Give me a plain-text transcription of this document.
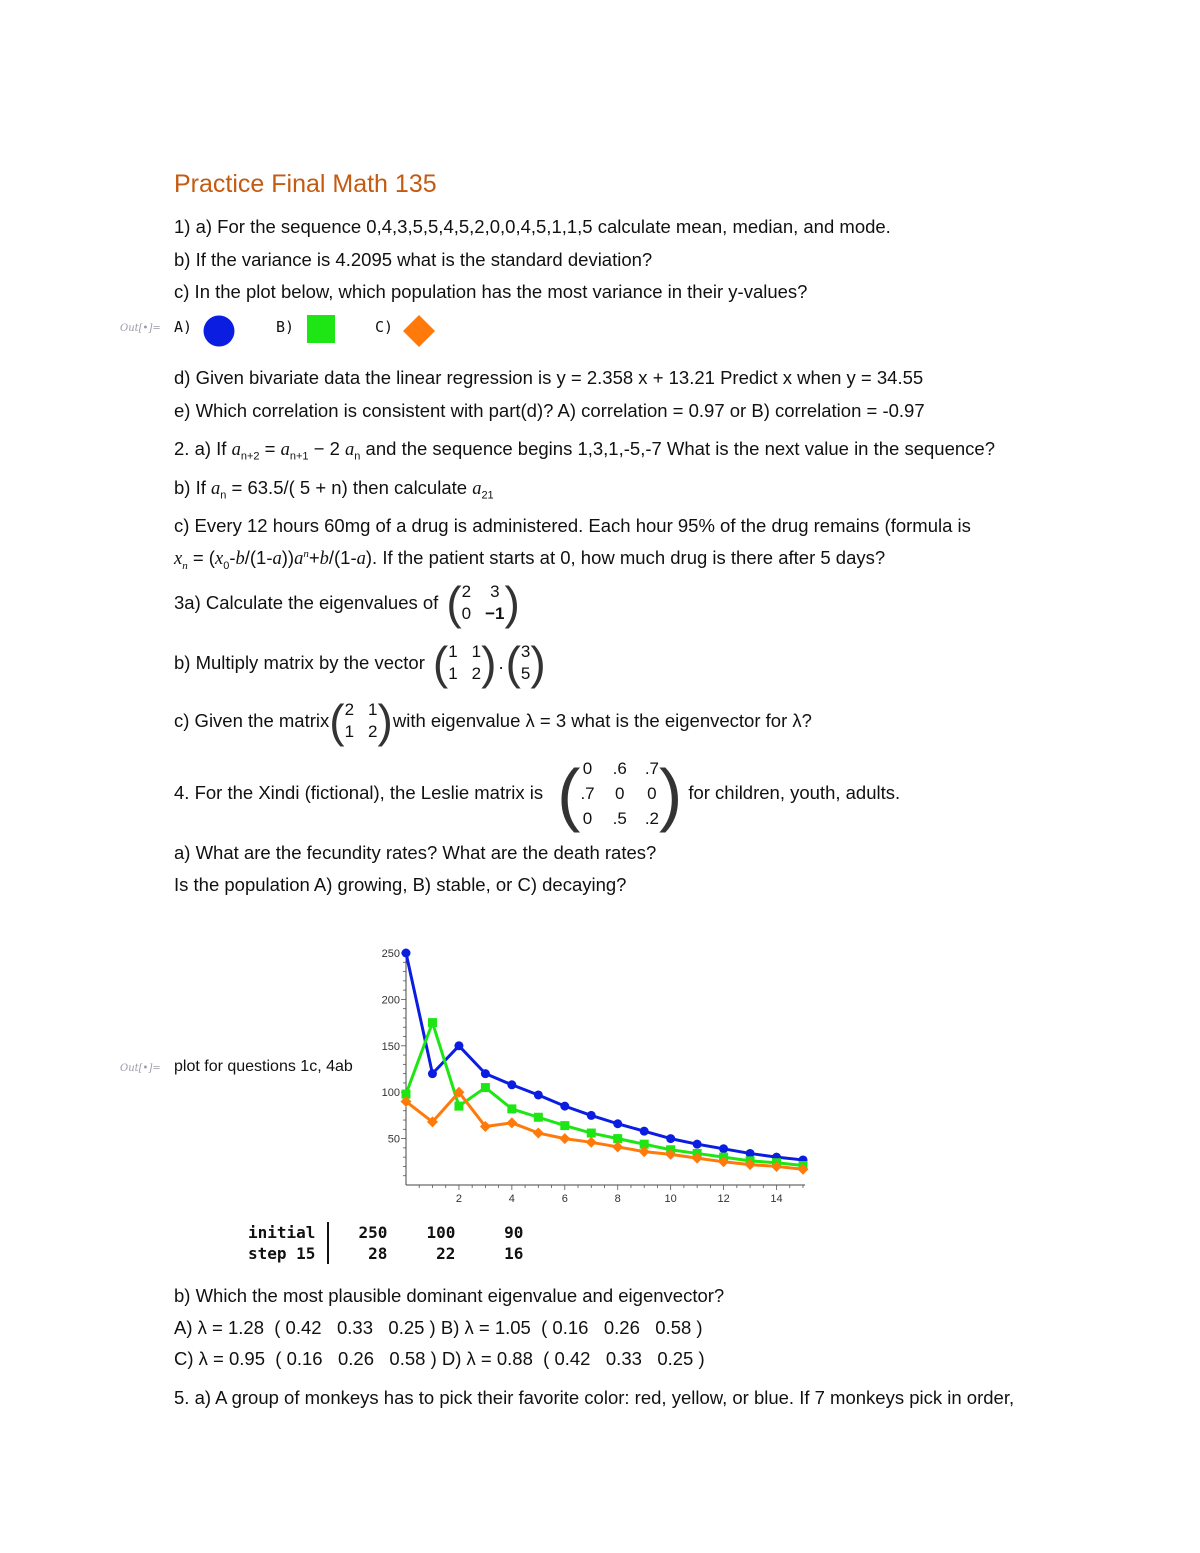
Practice Final Math 135
1) a) For the sequence 0,4,3,5,5,4,5,2,0,0,4,5,1,1,5 calculate mean, median, and mode.
b) If the variance is 4.2095 what is the standard deviation?
c) In the plot below, which population has the most variance in their y-values?
Out[•]= A)	B)	C)
d) Given bivariate data the linear regression is y = 2.358 x + 13.21 Predict x when y = 34.55
e) Which correlation is consistent with part(d)? A) correlation = 0.97 or B) correlation = -0.97
2. a) If $a_{n+2} = a_{n+1} - 2$ $a_n$ and the sequence begins 1,3,1,-5,-7 What is the next value in the sequence?
b) If $a_n = 63.5/$( 5 + n) then calculate $a_{21}$
c) Every 12 hours 60mg of a drug is administered. Each hour 95% of the drug remains (formula is
$x_n = (x_0-b/(1-a))a^n+b/(1-a)$. If the patient starts at 0, how much drug is there after 5 days?
3a) Calculate the eigenvalues of ( 2 3
0 −1 )
b) Multiply matrix by the vector ( 1 1
1 2 ) . ( 3
5 )
c) Given the matrix ( 2 1
1 2 ) with eigenvalue λ = 3 what is the eigenvector for λ?
4. For the Xindi (fictional), the Leslie matrix is ( 0 .6 .7
.7 0 0
0 .5 .2 ) for children, youth, adults.
a) What are the fecundity rates? What are the death rates?
Is the population A) growing, B) stable, or C) decaying?
Out[•]= plot for questions 1c, 4ab
2	4	6	8	10	12	14
50
100
150
200
250
initial	250	100	90
step 15	28	22	16
b) Which the most plausible dominant eigenvalue and eigenvector?
A) λ = 1.28  ( 0.42   0.33   0.25 ) B) λ = 1.05  ( 0.16   0.26   0.58 )
C) λ = 0.95  ( 0.16   0.26   0.58 ) D) λ = 0.88  ( 0.42   0.33   0.25 )
5. a) A group of monkeys has to pick their favorite color: red, yellow, or blue. If 7 monkeys pick in order,
